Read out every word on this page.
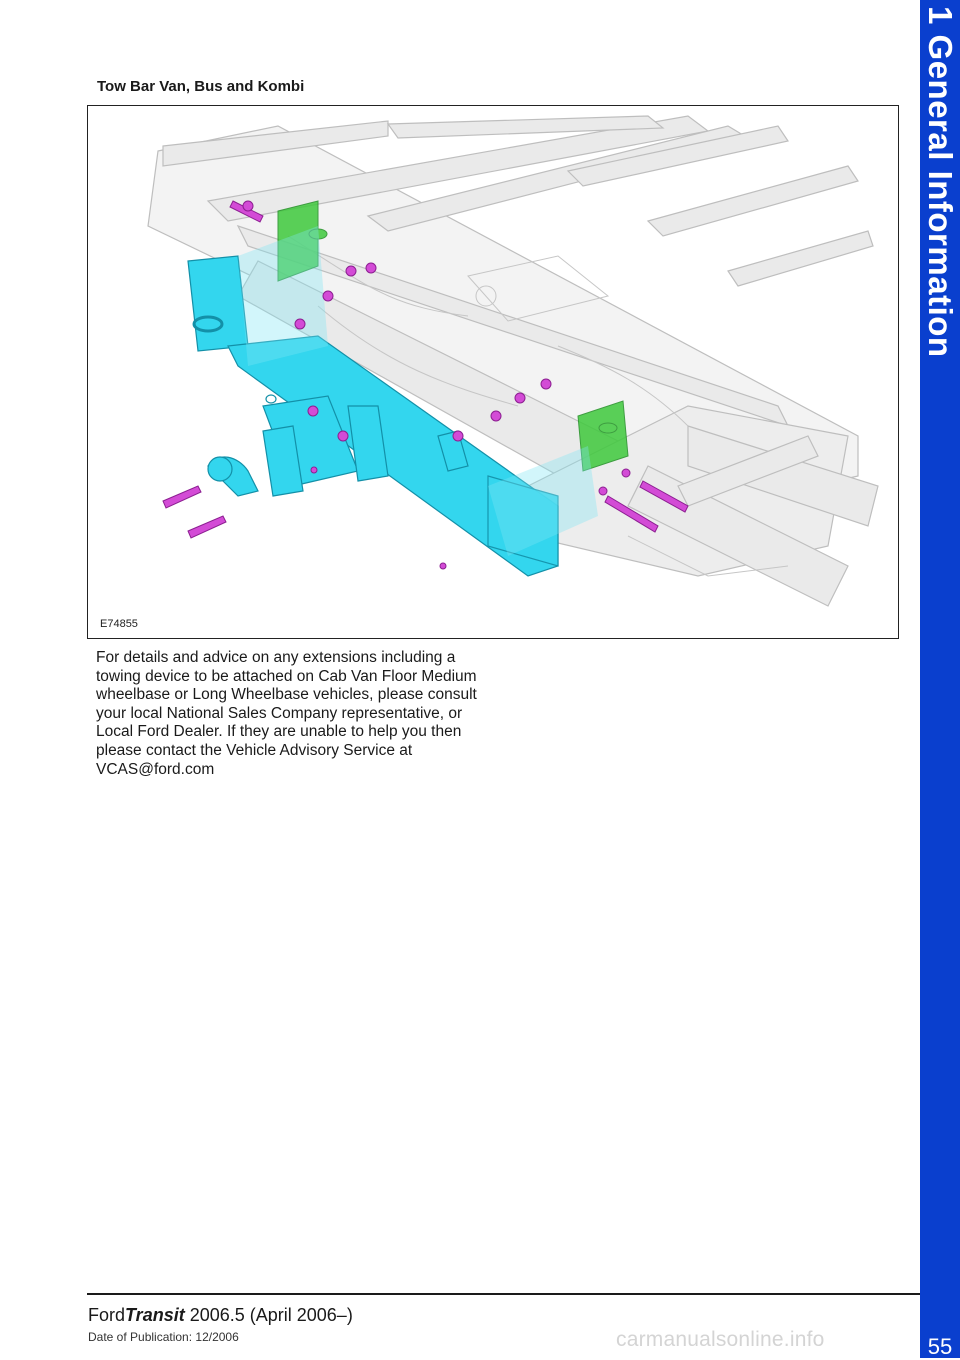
1 General Information
55
Tow Bar Van, Bus and Kombi
E74855
For details and advice on any extensions including a towing device to be attached on Cab Van Floor Medium wheelbase or Long Wheelbase vehicles, please consult your local National Sales Company representative, or Local Ford Dealer. If they are unable to help you then please contact the Vehicle Advisory Service at VCAS@ford.com
FordTransit 2006.5 (April 2006–)
Date of Publication: 12/2006	carmanualsonline.info
